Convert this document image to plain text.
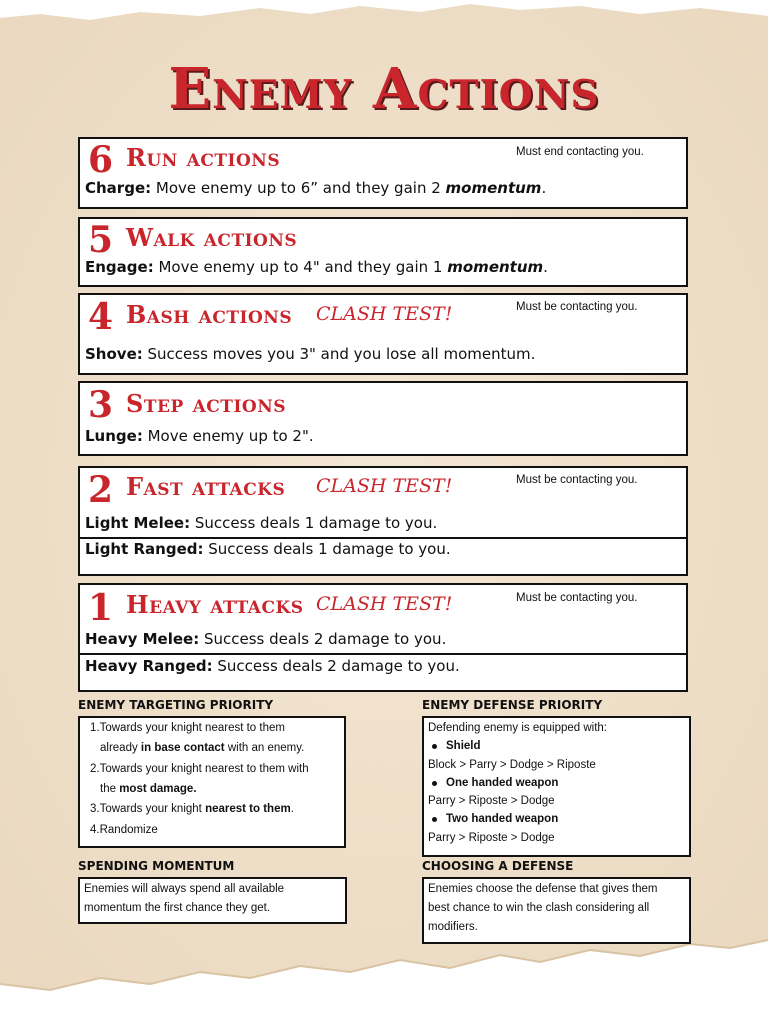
Enemy Actions
6 Run actions	Must end contacting you.
Charge: Move enemy up to 6” and they gain 2 momentum.
5 Walk actions
Engage: Move enemy up to 4" and they gain 1 momentum.
4 Bash actions CLASH TEST!	Must be contacting you.
Shove: Success moves you 3" and you lose all momentum.
3 Step actions
Lunge: Move enemy up to 2".
2 Fast attacks CLASH TEST!	Must be contacting you.
Light Melee: Success deals 1 damage to you.
Light Ranged: Success deals 1 damage to you.
1 Heavy attacks CLASH TEST!	Must be contacting you.
Heavy Melee: Success deals 2 damage to you.
Heavy Ranged: Success deals 2 damage to you.
ENEMY TARGETING PRIORITY
1.Towards your knight nearest to them
already in base contact with an enemy.
2.Towards your knight nearest to them with
the most damage.
3.Towards your knight nearest to them.
4.Randomize
ENEMY DEFENSE PRIORITY
Defending enemy is equipped with:
Shield
Block > Parry > Dodge > Riposte
One handed weapon
Parry > Riposte > Dodge
Two handed weapon
Parry > Riposte > Dodge
SPENDING MOMENTUM
Enemies will always spend all available
momentum the first chance they get.
CHOOSING A DEFENSE
Enemies choose the defense that gives them
best chance to win the clash considering all
modifiers.
